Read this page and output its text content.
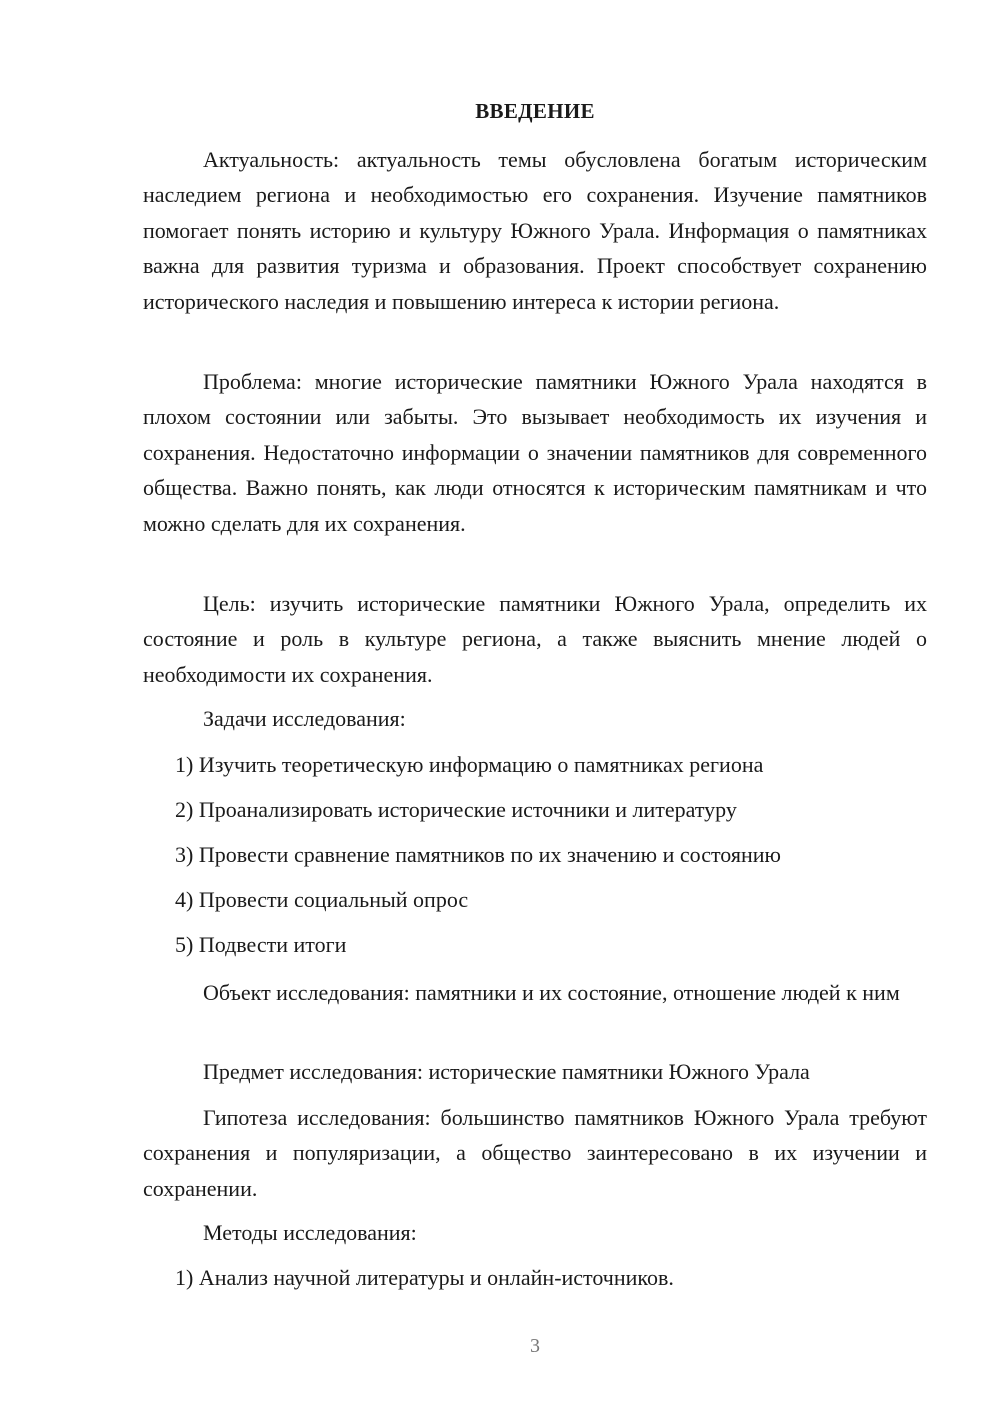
ВВЕДЕНИЕ

Актуальность: актуальность темы обусловлена богатым историческим наследием региона и необходимостью его сохранения. Изучение памятников помогает понять историю и культуру Южного Урала. Информация о памятниках важна для развития туризма и образования. Проект способствует сохранению исторического наследия и повышению интереса к истории региона.

Проблема: многие исторические памятники Южного Урала находятся в плохом состоянии или забыты. Это вызывает необходимость их изучения и сохранения. Недостаточно информации о значении памятников для современного общества. Важно понять, как люди относятся к историческим памятникам и что можно сделать для их сохранения.

Цель: изучить исторические памятники Южного Урала, определить их состояние и роль в культуре региона, а также выяснить мнение людей о необходимости их сохранения.

Задачи исследования:

1) Изучить теоретическую информацию о памятниках региона

2) Проанализировать исторические источники и литературу

3) Провести сравнение памятников по их значению и состоянию

4) Провести социальный опрос

5) Подвести итоги

Объект исследования: памятники и их состояние, отношение людей к ним

Предмет исследования: исторические памятники Южного Урала

Гипотеза исследования: большинство памятников Южного Урала требуют сохранения и популяризации, а общество заинтересовано в их изучении и сохранении.

Методы исследования:

1) Анализ научной литературы и онлайн-источников.

3
